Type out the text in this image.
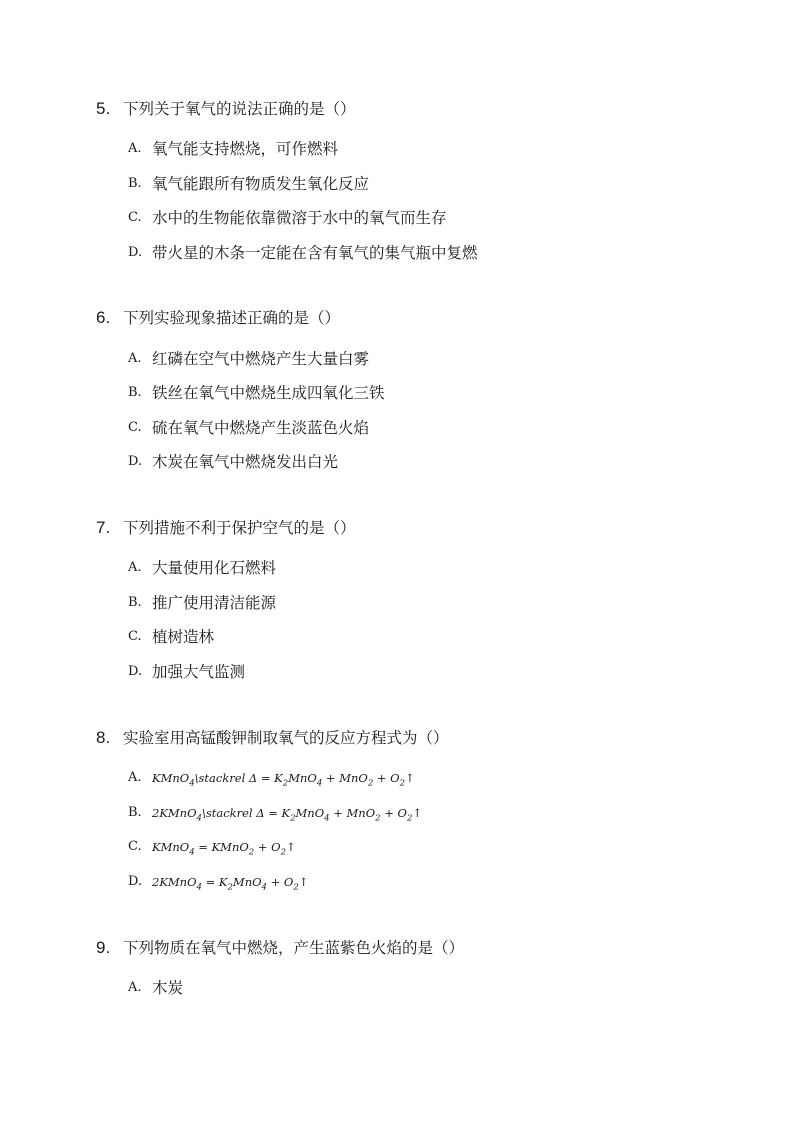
5. 下列关于氧气的说法正确的是（）
A. 氧气能支持燃烧，可作燃料
B. 氧气能跟所有物质发生氧化反应
C. 水中的生物能依靠微溶于水中的氧气而生存
D. 带火星的木条一定能在含有氧气的集气瓶中复燃
6. 下列实验现象描述正确的是（）
A. 红磷在空气中燃烧产生大量白雾
B. 铁丝在氧气中燃烧生成四氧化三铁
C. 硫在氧气中燃烧产生淡蓝色火焰
D. 木炭在氧气中燃烧发出白光
7. 下列措施不利于保护空气的是（）
A. 大量使用化石燃料
B. 推广使用清洁能源
C. 植树造林
D. 加强大气监测
8. 实验室用高锰酸钾制取氧气的反应方程式为（）
A. KMnO$_4$\stackrel $\Delta = K_2MnO_4 + MnO_2$ + $O_2↑$
B. 2KMnO$_4$\stackrel $\Delta = K_2MnO_4 + MnO_2$ + $O_2↑$
C. KMnO$_4$ = KMnO$_2$ + $O_2↑$
D. 2KMnO$_4$ = $K_2MnO_4$ + $O_2↑$
9. 下列物质在氧气中燃烧，产生蓝紫色火焰的是（）
A. 木炭
